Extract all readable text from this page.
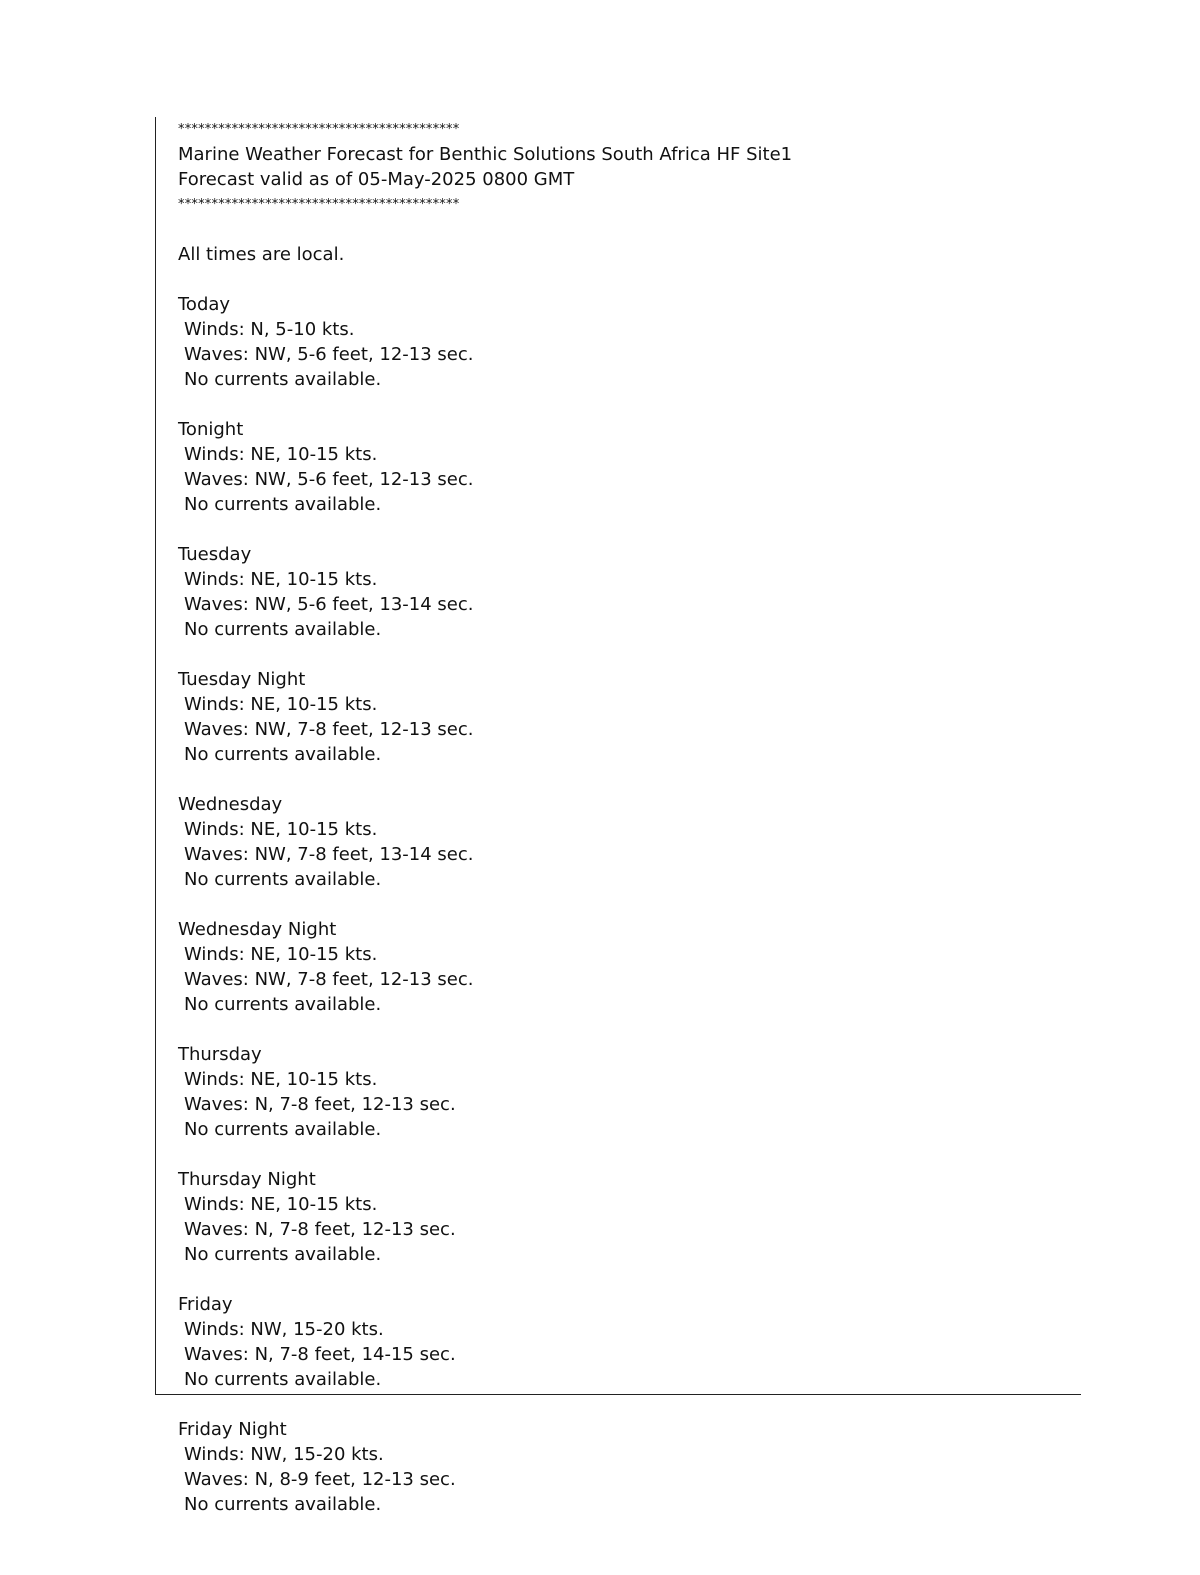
******************************************
Marine Weather Forecast for Benthic Solutions South Africa HF Site1
Forecast valid as of 05-May-2025 0800 GMT
******************************************
All times are local.
Today
Winds: N, 5-10 kts.
Waves: NW, 5-6 feet, 12-13 sec.
No currents available.
Tonight
Winds: NE, 10-15 kts.
Waves: NW, 5-6 feet, 12-13 sec.
No currents available.
Tuesday
Winds: NE, 10-15 kts.
Waves: NW, 5-6 feet, 13-14 sec.
No currents available.
Tuesday Night
Winds: NE, 10-15 kts.
Waves: NW, 7-8 feet, 12-13 sec.
No currents available.
Wednesday
Winds: NE, 10-15 kts.
Waves: NW, 7-8 feet, 13-14 sec.
No currents available.
Wednesday Night
Winds: NE, 10-15 kts.
Waves: NW, 7-8 feet, 12-13 sec.
No currents available.
Thursday
Winds: NE, 10-15 kts.
Waves: N, 7-8 feet, 12-13 sec.
No currents available.
Thursday Night
Winds: NE, 10-15 kts.
Waves: N, 7-8 feet, 12-13 sec.
No currents available.
Friday
Winds: NW, 15-20 kts.
Waves: N, 7-8 feet, 14-15 sec.
No currents available.
Friday Night
Winds: NW, 15-20 kts.
Waves: N, 8-9 feet, 12-13 sec.
No currents available.
